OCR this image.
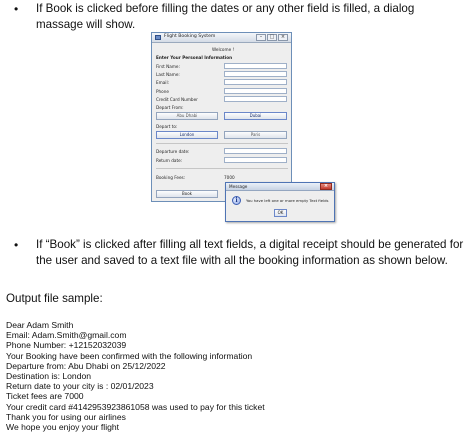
• If Book is clicked before filling the dates or any other field is filled, a dialog massage will show.
Flight Booking System	–	□	×
Welcome !
Enter Your Personal Information
First Name:
Last Name:
Email:
Phone
Credit Card Number
Depart From:
Abu Dhabi	Dubai
Depart to:
London	Paris
Departure date:
Return date:
Booking Fees:	7000
Book
Message	×
i	You have left one or more empty Text fields
OK
• If “Book” is clicked after filling all text fields, a digital receipt should be generated for the user and saved to a text file with all the booking information as shown below.
Output file sample:
Dear Adam Smith
Email: Adam.Smith@gmail.com
Phone Number: +12152032039
Your Booking have been confirmed with the following information
Departure from: Abu Dhabi on 25/12/2022
Destination is: London
Return date to your city is : 02/01/2023
Ticket fees are 7000
Your credit card #4142953923861058 was used to pay for this ticket
Thank you for using our airlines
We hope you enjoy your flight
